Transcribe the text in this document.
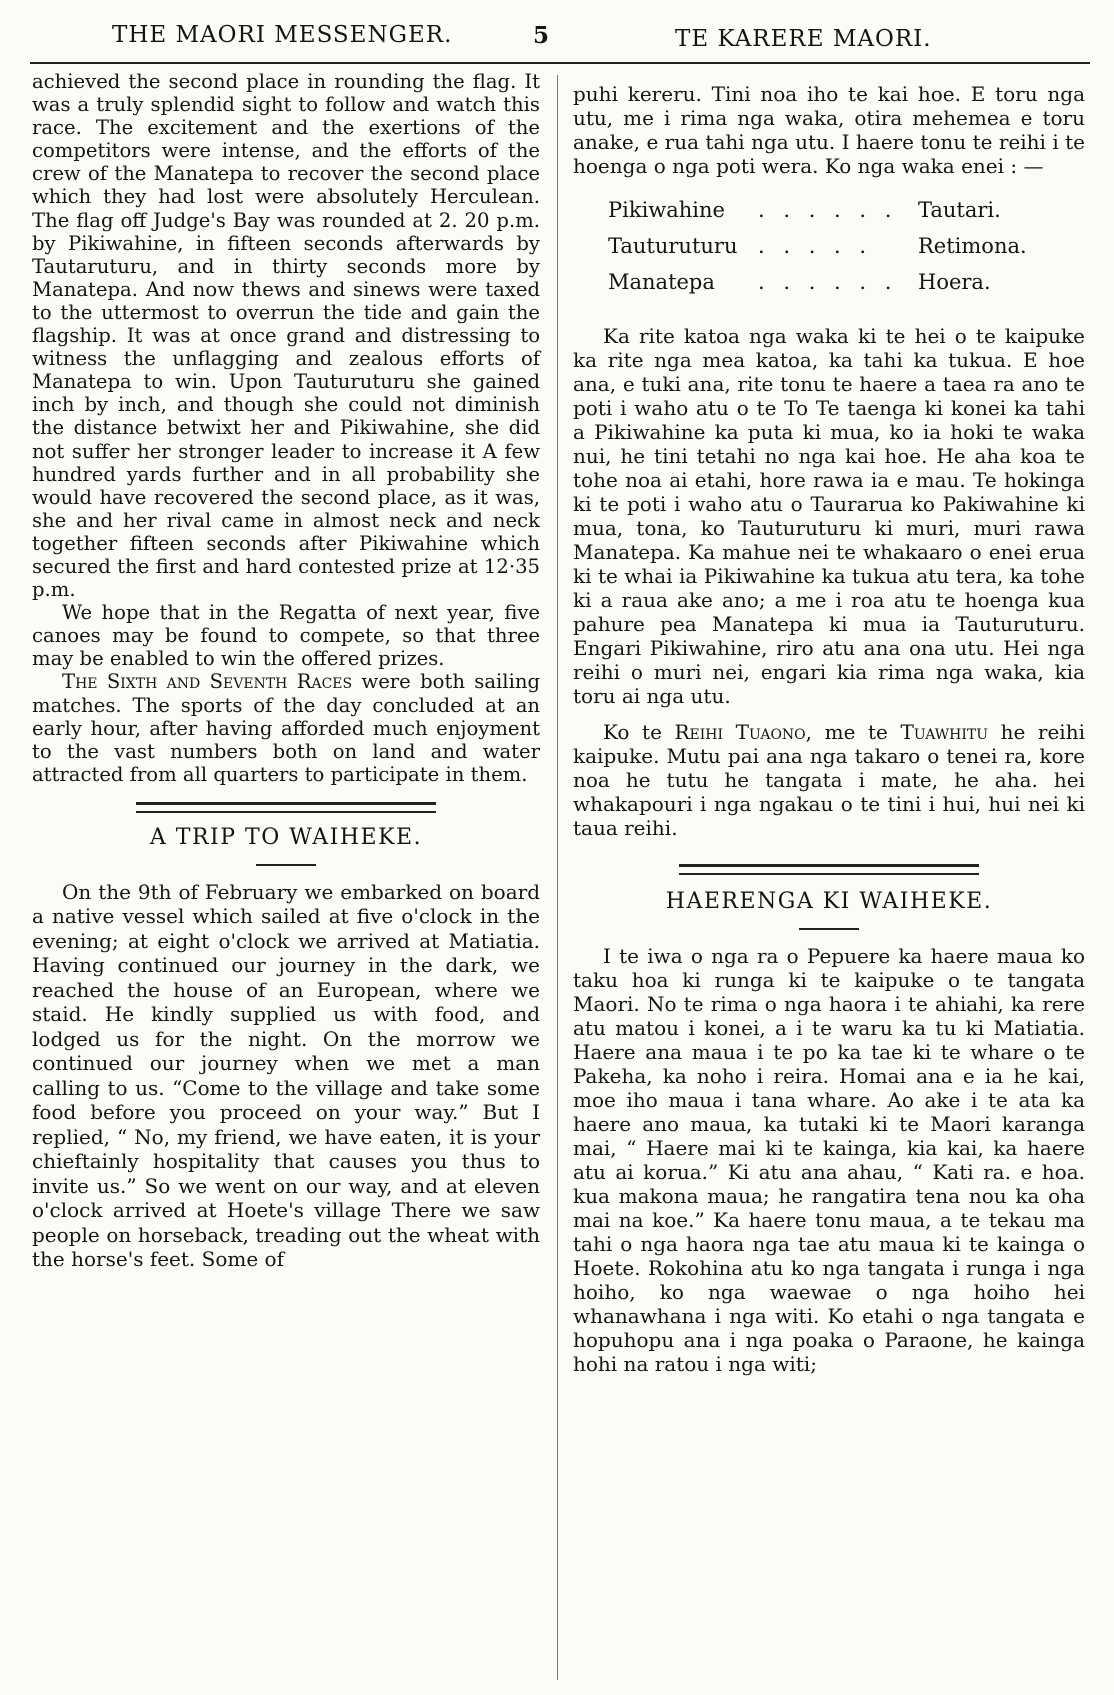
THE MAORI MESSENGER.	5	TE KARERE MAORI.

achieved the second place in rounding the flag. It was a truly splendid sight to follow and watch this race. The excitement and the exertions of the competitors were intense, and the efforts of the crew of the Manatepa to recover the second place which they had lost were absolutely Herculean. The flag off Judge's Bay was rounded at 2. 20 p.m. by Pikiwahine, in fifteen seconds afterwards by Tautaruturu, and in thirty seconds more by Manatepa. And now thews and sinews were taxed to the uttermost to overrun the tide and gain the flagship. It was at once grand and distressing to witness the unflagging and zealous efforts of Manatepa to win. Upon Tauturuturu she gained inch by inch, and though she could not diminish the distance betwixt her and Pikiwahine, she did not suffer her stronger leader to increase it A few hundred yards further and in all probability she would have recovered the second place, as it was, she and her rival came in almost neck and neck together fifteen seconds after Pikiwahine which secured the first and hard contested prize at 12·35 p.m.

We hope that in the Regatta of next year, five canoes may be found to compete, so that three may be enabled to win the offered prizes.

The Sixth and Seventh Races were both sailing matches. The sports of the day concluded at an early hour, after having afforded much enjoyment to the vast numbers both on land and water attracted from all quarters to participate in them.

A TRIP TO WAIHEKE.

On the 9th of February we embarked on board a native vessel which sailed at five o'clock in the evening; at eight o'clock we arrived at Matiatia. Having continued our journey in the dark, we reached the house of an European, where we staid. He kindly supplied us with food, and lodged us for the night. On the morrow we continued our journey when we met a man calling to us. “Come to the village and take some food before you proceed on your way.” But I replied, “ No, my friend, we have eaten, it is your chieftainly hospitality that causes you thus to invite us.” So we went on our way, and at eleven o'clock arrived at Hoete's village There we saw people on horseback, treading out the wheat with the horse's feet. Some of

puhi kereru. Tini noa iho te kai hoe. E toru nga utu, me i rima nga waka, otira mehemea e toru anake, e rua tahi nga utu. I haere tonu te reihi i te hoenga o nga poti wera. Ko nga waka enei : —

Pikiwahine . . . . . . Tautari.
Tauturuturu . . . . . Retimona.
Manatepa . . . . . . Hoera.

Ka rite katoa nga waka ki te hei o te kaipuke ka rite nga mea katoa, ka tahi ka tukua. E hoe ana, e tuki ana, rite tonu te haere a taea ra ano te poti i waho atu o te To Te taenga ki konei ka tahi a Pikiwahine ka puta ki mua, ko ia hoki te waka nui, he tini tetahi no nga kai hoe. He aha koa te tohe noa ai etahi, hore rawa ia e mau. Te hokinga ki te poti i waho atu o Taurarua ko Pakiwahine ki mua, tona, ko Tauturuturu ki muri, muri rawa Manatepa. Ka mahue nei te whakaaro o enei erua ki te whai ia Pikiwahine ka tukua atu tera, ka tohe ki a raua ake ano; a me i roa atu te hoenga kua pahure pea Manatepa ki mua ia Tauturuturu. Engari Pikiwahine, riro atu ana ona utu. Hei nga reihi o muri nei, engari kia rima nga waka, kia toru ai nga utu.

Ko te Reihi Tuaono, me te Tuawhitu he reihi kaipuke. Mutu pai ana nga takaro o tenei ra, kore noa he tutu he tangata i mate, he aha. hei whakapouri i nga ngakau o te tini i hui, hui nei ki taua reihi.

HAERENGA KI WAIHEKE.

I te iwa o nga ra o Pepuere ka haere maua ko taku hoa ki runga ki te kaipuke o te tangata Maori. No te rima o nga haora i te ahiahi, ka rere atu matou i konei, a i te waru ka tu ki Matiatia. Haere ana maua i te po ka tae ki te whare o te Pakeha, ka noho i reira. Homai ana e ia he kai, moe iho maua i tana whare. Ao ake i te ata ka haere ano maua, ka tutaki ki te Maori karanga mai, “ Haere mai ki te kainga, kia kai, ka haere atu ai korua.” Ki atu ana ahau, “ Kati ra. e hoa. kua makona maua; he rangatira tena nou ka oha mai na koe.” Ka haere tonu maua, a te tekau ma tahi o nga haora nga tae atu maua ki te kainga o Hoete. Rokohina atu ko nga tangata i runga i nga hoiho, ko nga waewae o nga hoiho hei whanawhana i nga witi. Ko etahi o nga tangata e hopuhopu ana i nga poaka o Paraone, he kainga hohi na ratou i nga witi;
